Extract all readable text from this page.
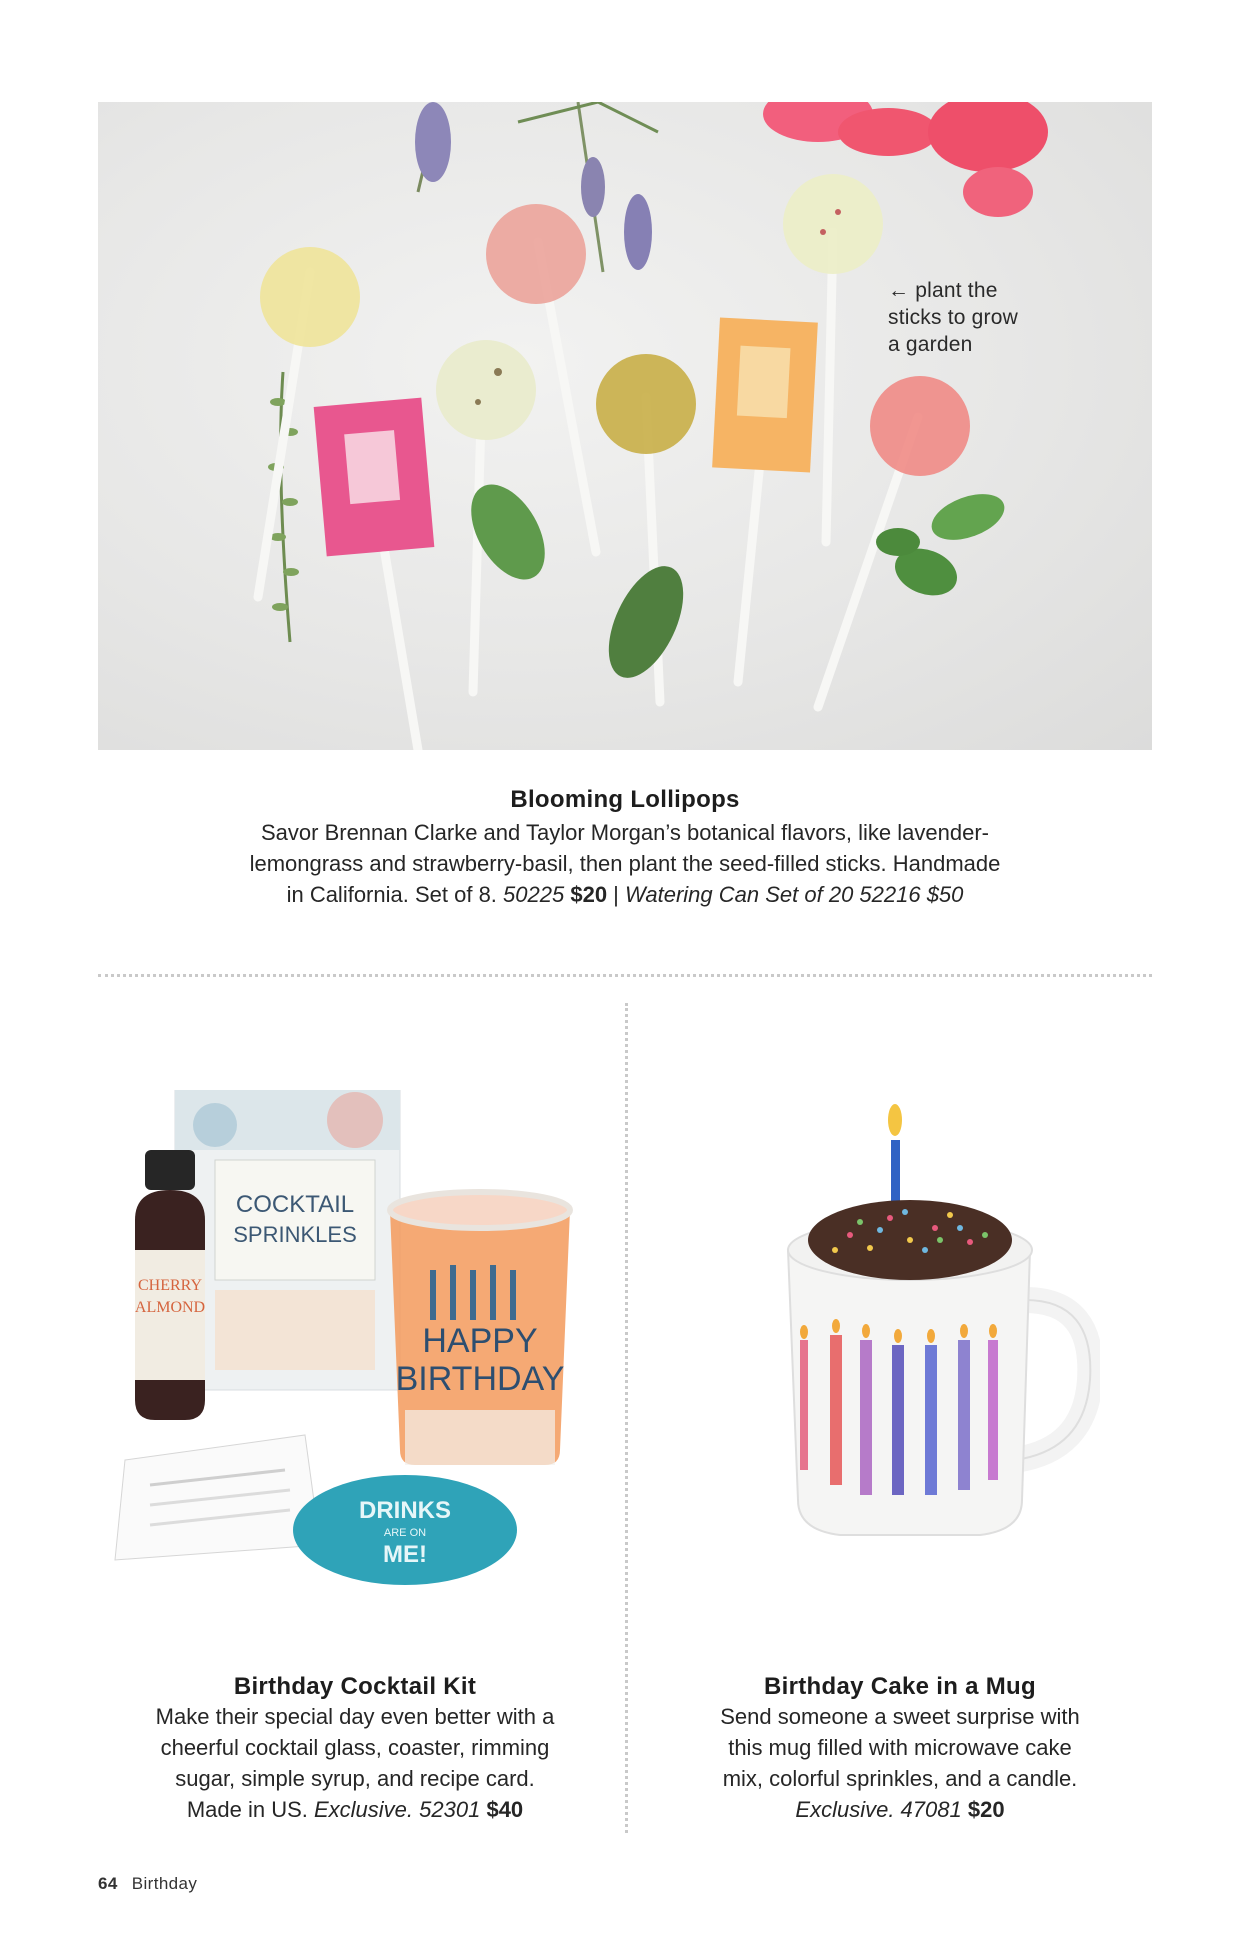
← plant the
sticks to grow
a garden
Blooming Lollipops
Savor Brennan Clarke and Taylor Morgan’s botanical flavors, like lavender-
lemongrass and strawberry-basil, then plant the seed-filled sticks. Handmade
in California. Set of 8. 50225 $20 | Watering Can Set of 20 52216 $50
COCKTAIL
SPRINKLES
CHERRY
ALMOND
HAPPY
BIRTHDAY
DRINKS
ARE ON
ME!
Birthday Cocktail Kit
Make their special day even better with a
cheerful cocktail glass, coaster, rimming
sugar, simple syrup, and recipe card.
Made in US. Exclusive. 52301 $40
Birthday Cake in a Mug
Send someone a sweet surprise with
this mug filled with microwave cake
mix, colorful sprinkles, and a candle.
Exclusive. 47081 $20
64 Birthday
